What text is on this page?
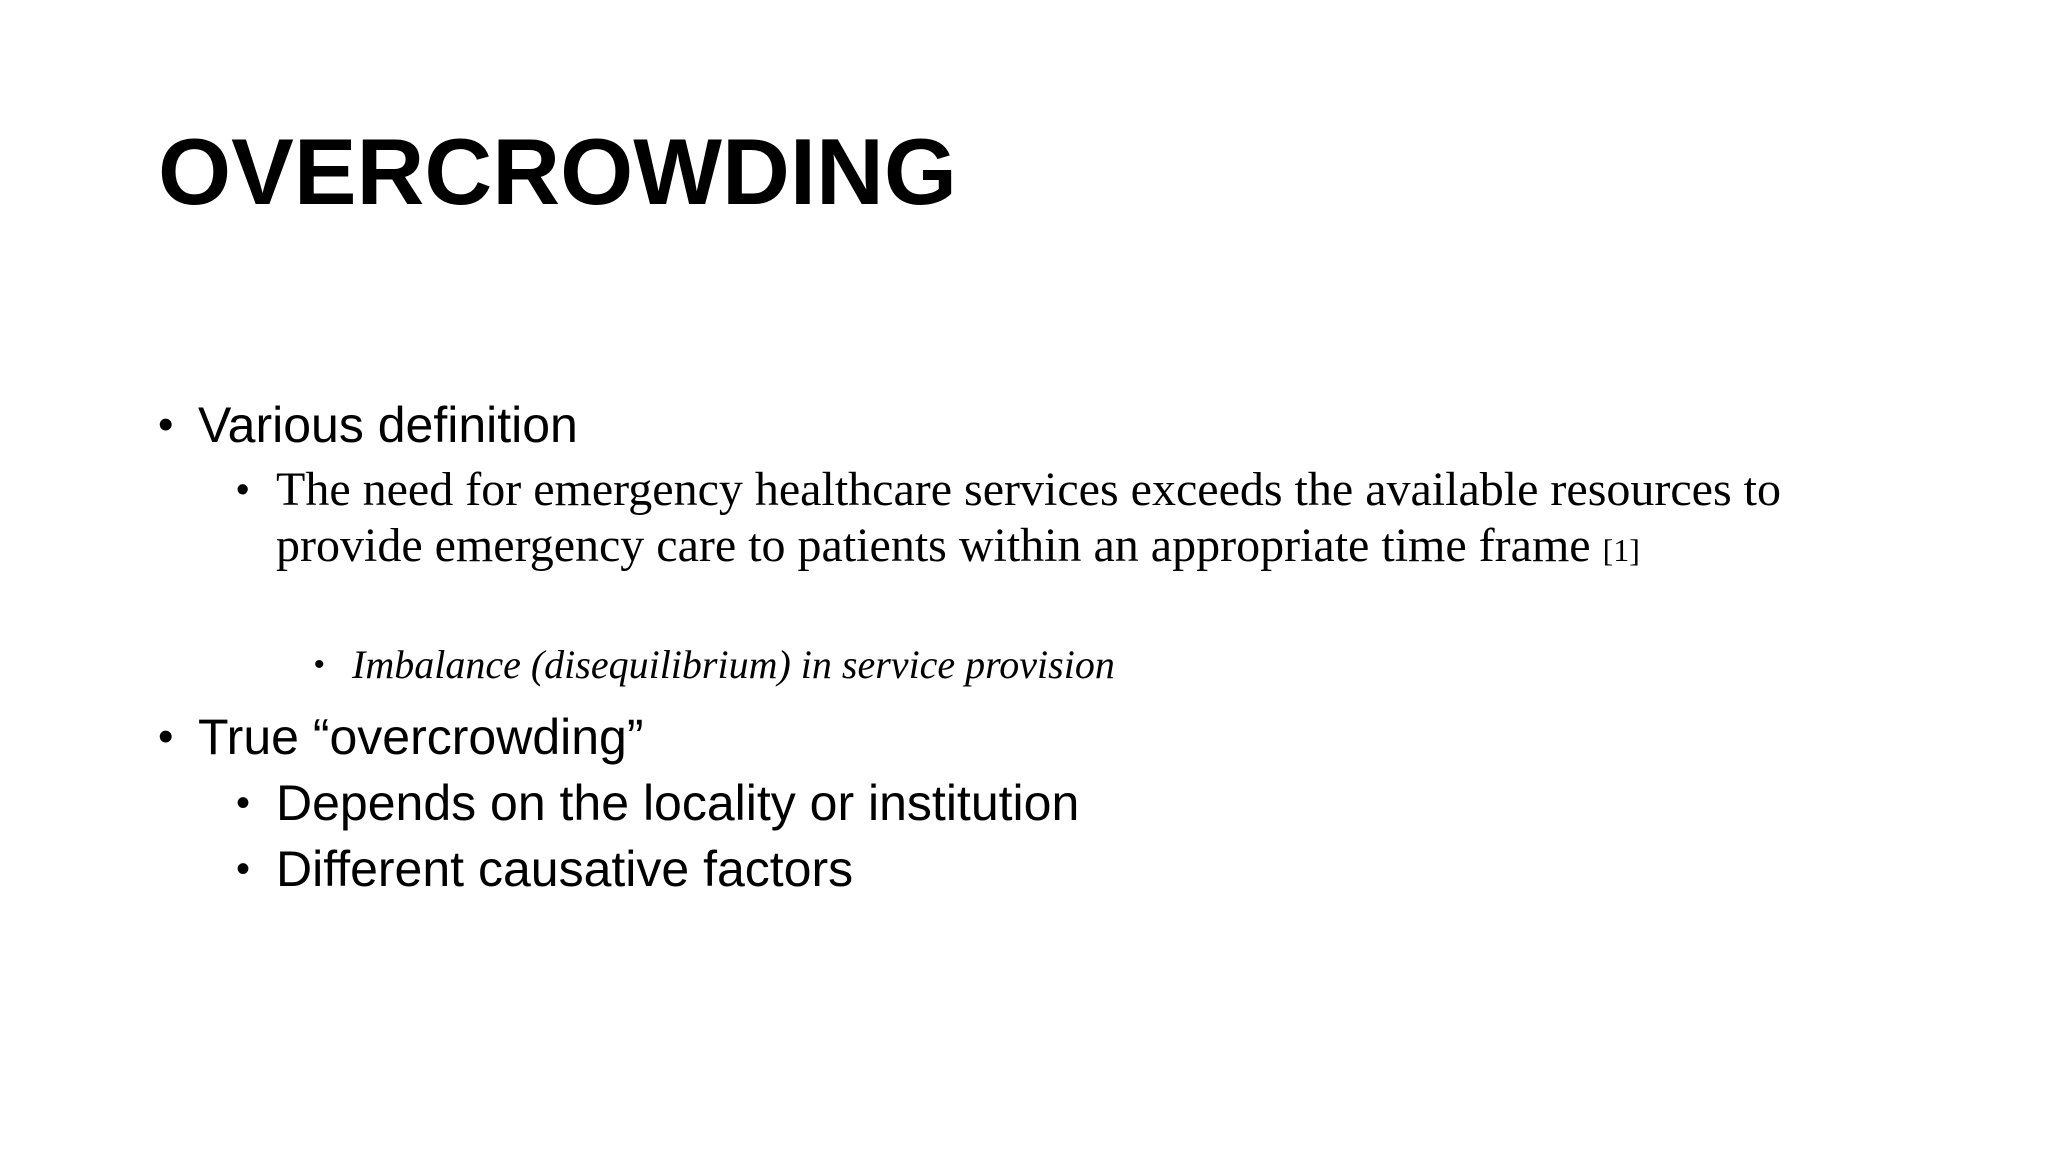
OVERCROWDING
• Various definition
• The need for emergency healthcare services exceeds the available resources to provide emergency care to patients within an appropriate time frame [1]
• Imbalance (disequilibrium) in service provision
• True “overcrowding”
• Depends on the locality or institution
• Different causative factors
